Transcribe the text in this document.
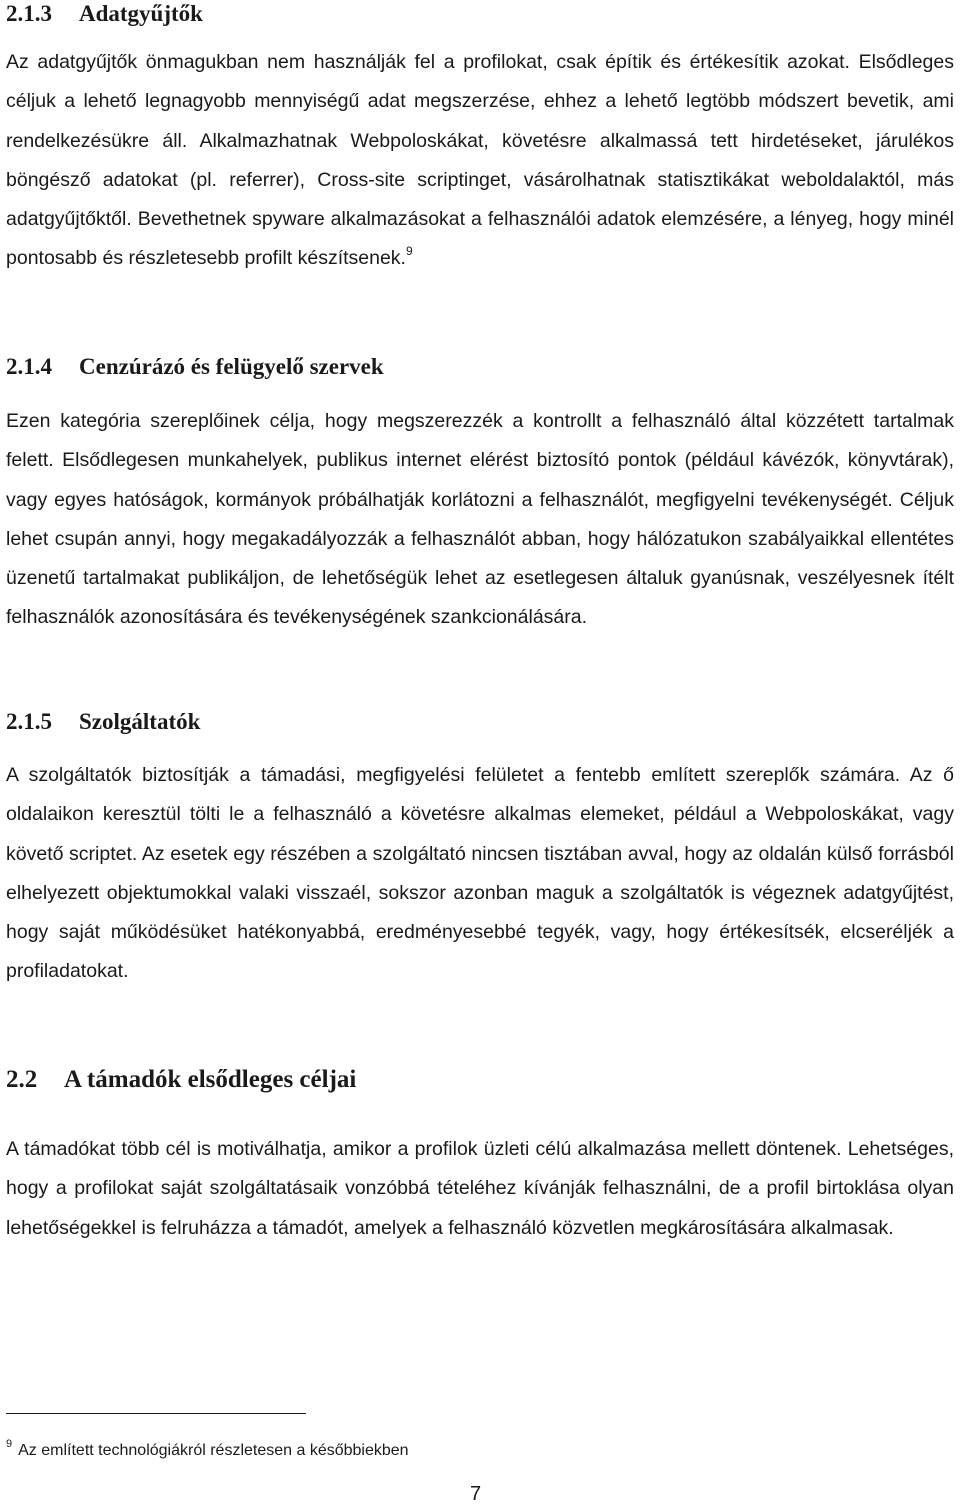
2.1.3 Adatgyűjtők

Az adatgyűjtők önmagukban nem használják fel a profilokat, csak építik és értékesítik azokat. Elsődleges céljuk a lehető legnagyobb mennyiségű adat megszerzése, ehhez a lehető legtöbb módszert bevetik, ami rendelkezésükre áll. Alkalmazhatnak Webpoloskákat, követésre alkalmassá tett hirdetéseket, járulékos böngésző adatokat (pl. referrer), Cross-site scriptinget, vásárolhatnak statisztikákat weboldalaktól, más adatgyűjtőktől. Bevethetnek spyware alkalmazásokat a felhasználói adatok elemzésére, a lényeg, hogy minél pontosabb és részletesebb profilt készítsenek.$^9$

2.1.4 Cenzúrázó és felügyelő szervek

Ezen kategória szereplőinek célja, hogy megszerezzék a kontrollt a felhasználó által közzétett tartalmak felett. Elsődlegesen munkahelyek, publikus internet elérést biztosító pontok (például kávézók, könyvtárak), vagy egyes hatóságok, kormányok próbálhatják korlátozni a felhasználót, megfigyelni tevékenységét. Céljuk lehet csupán annyi, hogy megakadályozzák a felhasználót abban, hogy hálózatukon szabályaikkal ellentétes üzenetű tartalmakat publikáljon, de lehetőségük lehet az esetlegesen általuk gyanúsnak, veszélyesnek ítélt felhasználók azonosítására és tevékenységének szankcionálására.

2.1.5 Szolgáltatók

A szolgáltatók biztosítják a támadási, megfigyelési felületet a fentebb említett szereplők számára. Az ő oldalaikon keresztül tölti le a felhasználó a követésre alkalmas elemeket, például a Webpoloskákat, vagy követő scriptet. Az esetek egy részében a szolgáltató nincsen tisztában avval, hogy az oldalán külső forrásból elhelyezett objektumokkal valaki visszaél, sokszor azonban maguk a szolgáltatók is végeznek adatgyűjtést, hogy saját működésüket hatékonyabbá, eredményesebbé tegyék, vagy, hogy értékesítsék, elcseréljék a profiladatokat.

2.2 A támadók elsődleges céljai

A támadókat több cél is motiválhatja, amikor a profilok üzleti célú alkalmazása mellett döntenek. Lehetséges, hogy a profilokat saját szolgáltatásaik vonzóbbá tételéhez kívánják felhasználni, de a profil birtoklása olyan lehetőségekkel is felruházza a támadót, amelyek a felhasználó közvetlen megkárosítására alkalmasak.

$^9$ Az említett technológiákról részletesen a későbbiekben

7
